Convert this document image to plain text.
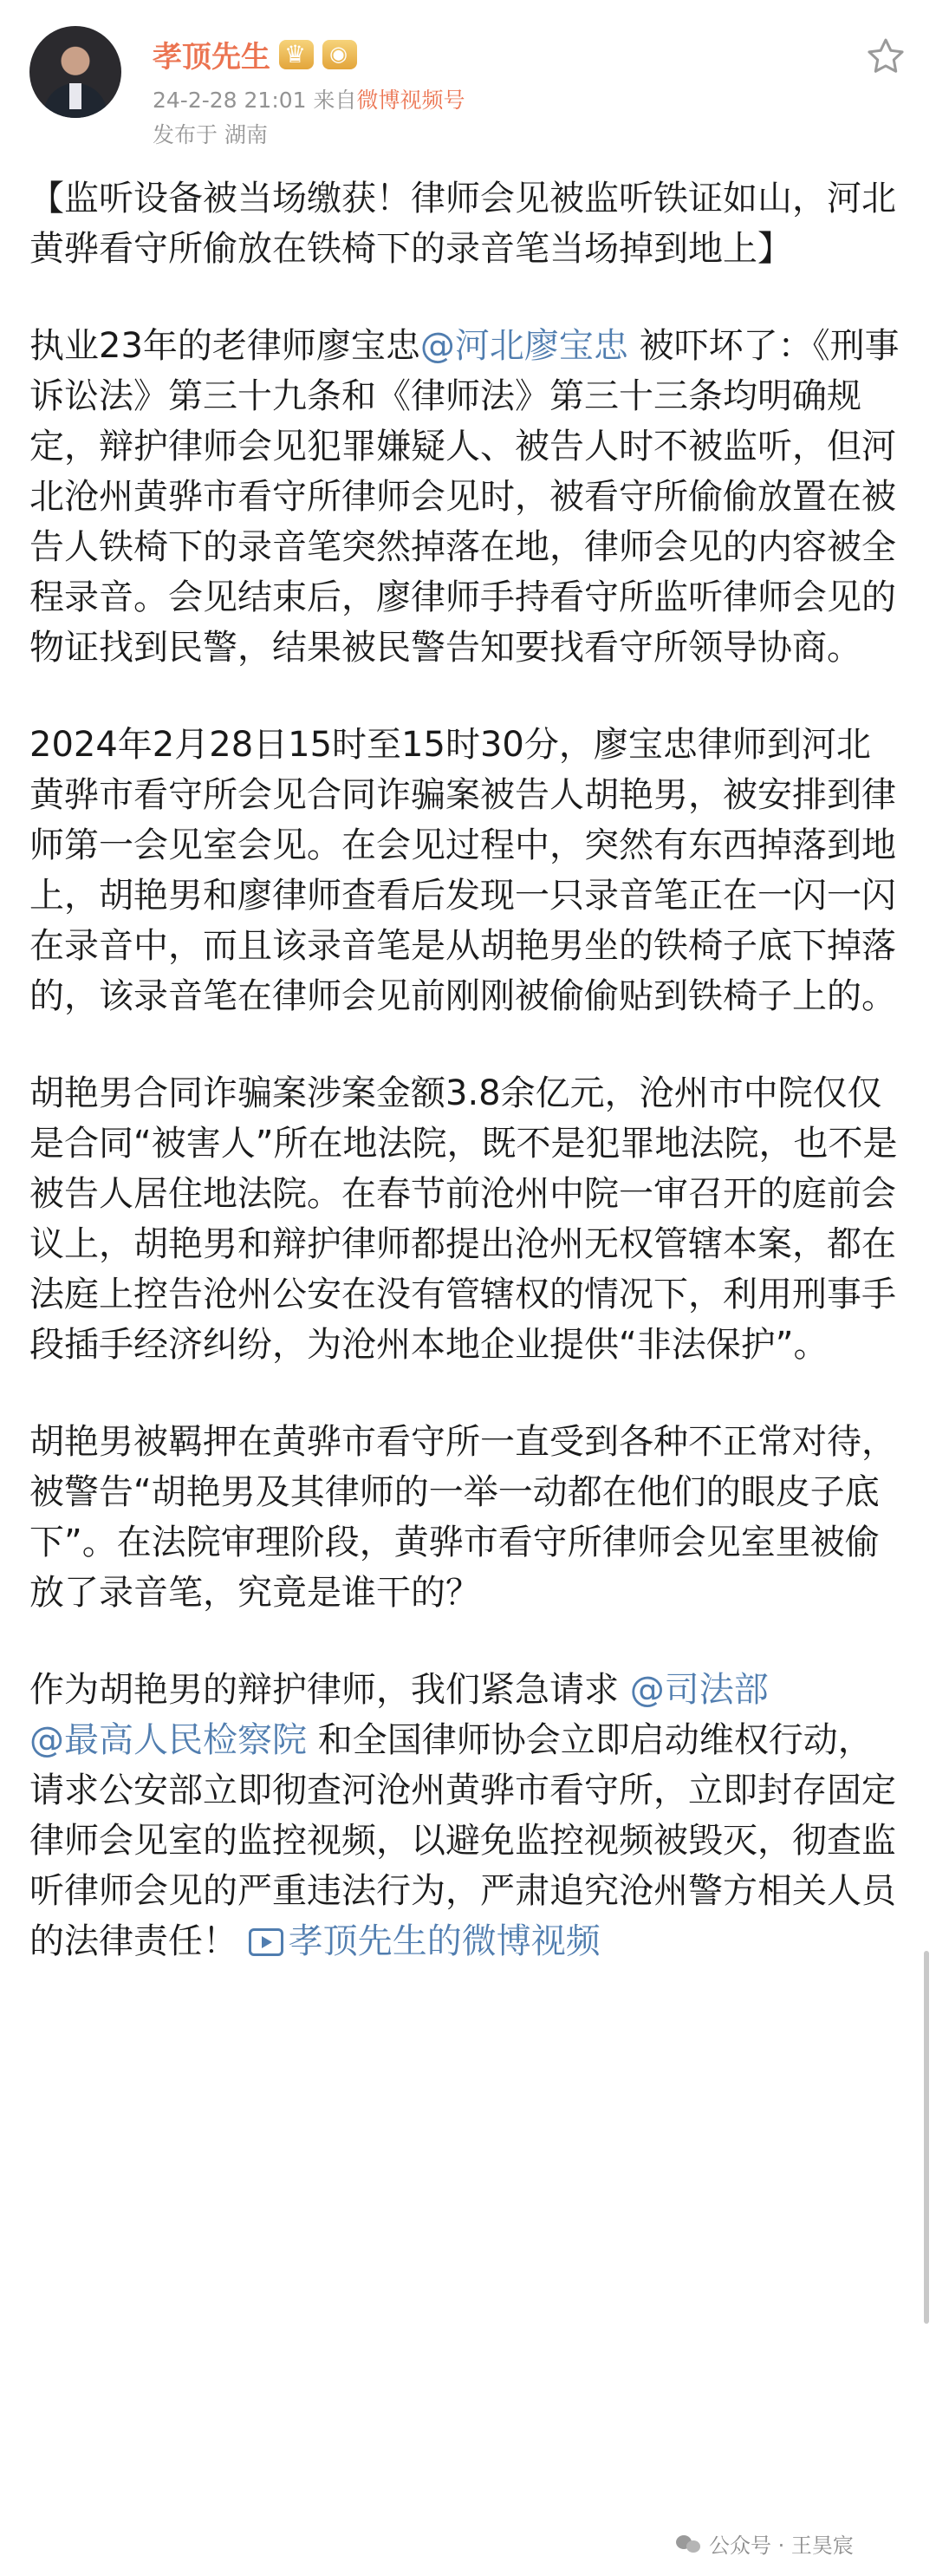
孝顶先生
♛
◉
24-2-28 21:01 来自微博视频号
发布于 湖南

【监听设备被当场缴获！律师会见被监听铁证如山，河北黄骅看守所偷放在铁椅下的录音笔当场掉到地上】

执业23年的老律师廖宝忠@河北廖宝忠 被吓坏了：《刑事诉讼法》第三十九条和《律师法》第三十三条均明确规定，辩护律师会见犯罪嫌疑人、被告人时不被监听，但河北沧州黄骅市看守所律师会见时，被看守所偷偷放置在被告人铁椅下的录音笔突然掉落在地，律师会见的内容被全程录音。会见结束后，廖律师手持看守所监听律师会见的物证找到民警，结果被民警告知要找看守所领导协商。

2024年2月28日15时至15时30分，廖宝忠律师到河北黄骅市看守所会见合同诈骗案被告人胡艳男，被安排到律师第一会见室会见。在会见过程中，突然有东西掉落到地上，胡艳男和廖律师查看后发现一只录音笔正在一闪一闪在录音中，而且该录音笔是从胡艳男坐的铁椅子底下掉落的，该录音笔在律师会见前刚刚被偷偷贴到铁椅子上的。

胡艳男合同诈骗案涉案金额3.8余亿元，沧州市中院仅仅是合同“被害人”所在地法院，既不是犯罪地法院，也不是被告人居住地法院。在春节前沧州中院一审召开的庭前会议上，胡艳男和辩护律师都提出沧州无权管辖本案，都在法庭上控告沧州公安在没有管辖权的情况下，利用刑事手段插手经济纠纷，为沧州本地企业提供“非法保护”。

胡艳男被羁押在黄骅市看守所一直受到各种不正常对待，被警告“胡艳男及其律师的一举一动都在他们的眼皮子底下”。在法院审理阶段，黄骅市看守所律师会见室里被偷放了录音笔，究竟是谁干的？

作为胡艳男的辩护律师，我们紧急请求 @司法部
@最高人民检察院 和全国律师协会立即启动维权行动，请求公安部立即彻查河沧州黄骅市看守所，立即封存固定律师会见室的监控视频，以避免监控视频被毁灭，彻查监听律师会见的严重违法行为，严肃追究沧州警方相关人员的法律责任！ 孝顶先生的微博视频

公众号 · 王昊宸
